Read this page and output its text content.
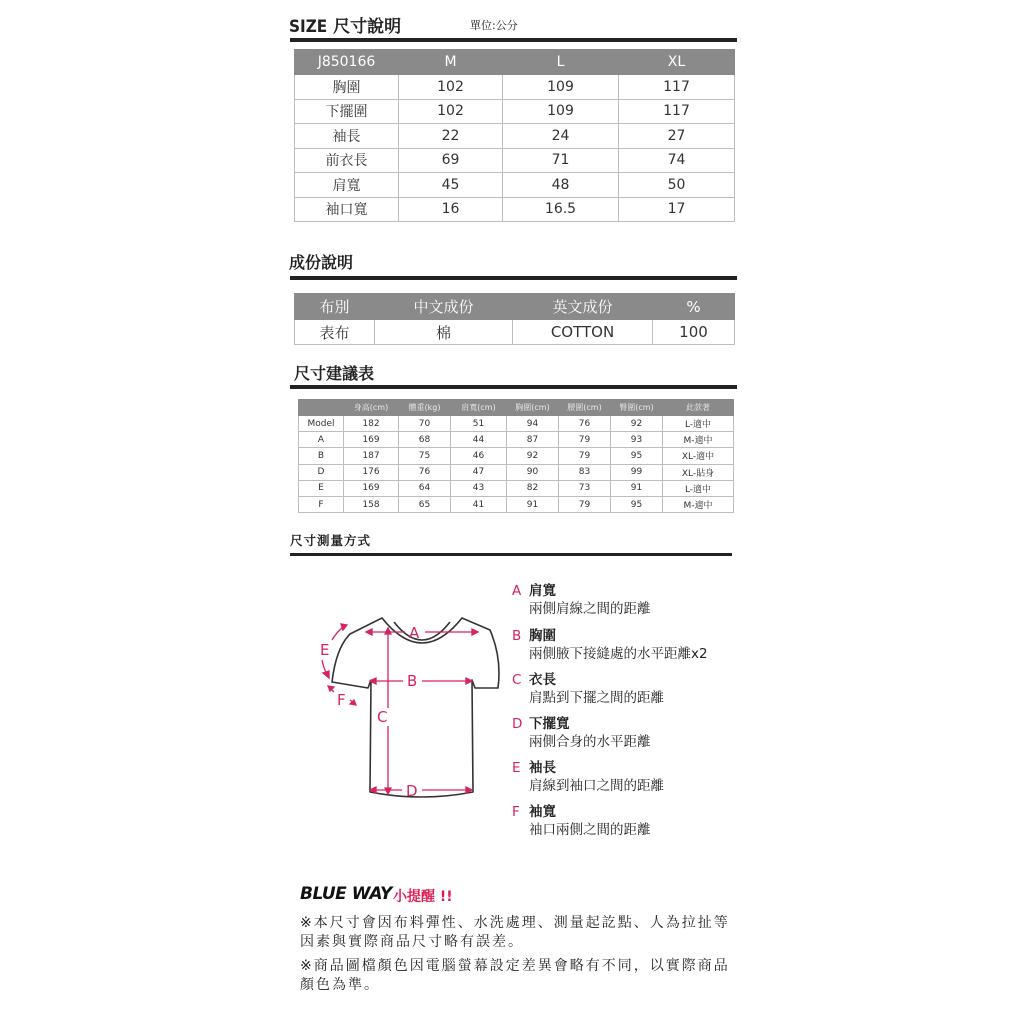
SIZE 尺寸說明	單位:公分
J850166	M	L	XL
胸圍	102	109	117
下擺圍	102	109	117
袖長	22	24	27
前衣長	69	71	74
肩寬	45	48	50
袖口寬	16	16.5	17
成份說明
布別	中文成份	英文成份	%
表布	棉	COTTON	100
尺寸建議表
	身高(cm)	體重(kg)	肩寬(cm)	胸圍(cm)	腰圍(cm)	臀圍(cm)	此款著
Model	182	70	51	94	76	92	L-適中
A	169	68	44	87	79	93	M-適中
B	187	75	46	92	79	95	XL-適中
D	176	76	47	90	83	99	XL-貼身
E	169	64	43	82	73	91	L-適中
F	158	65	41	91	79	95	M-適中
尺寸測量方式
A
B
C
D
E
F
A 肩寬
兩側肩線之間的距離
B 胸圍
兩側腋下接縫處的水平距離x2
C 衣長
肩點到下擺之間的距離
D 下擺寬
兩側合身的水平距離
E 袖長
肩線到袖口之間的距離
F 袖寬
袖口兩側之間的距離
BLUE WAY 小提醒 !!
※本尺寸會因布料彈性、水洗處理、測量起訖點、人為拉扯等因素與實際商品尺寸略有誤差。
※商品圖檔顏色因電腦螢幕設定差異會略有不同，以實際商品顏色為準。
